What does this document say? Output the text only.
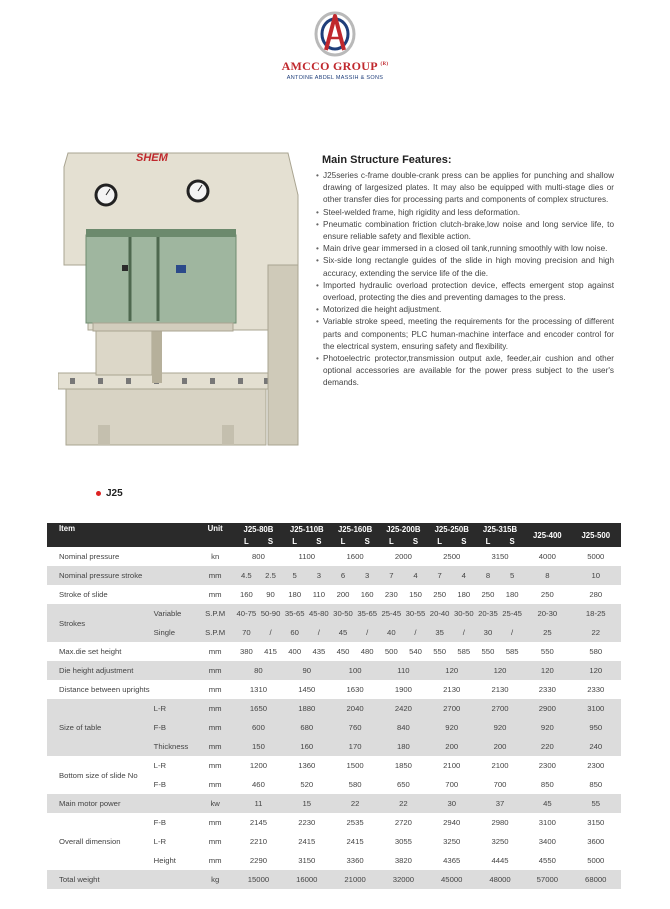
AMCCO GROUP $^{(R)}$
ANTOINE ABDEL MASSIH & SONS
SHEM
J25
Main Structure Features:
• J25series c-frame double-crank press can be applies for punching and shallow drawing of largesized plates. It may also be equipped with multi-stage dies or other transfer dies for processing parts and components of complex structures.
• Steel-welded frame, high rigidity and less deformation.
• Pneumatic combination friction clutch-brake,low noise and long service life, to ensure reliable safety and flexible action.
• Main drive gear immersed in a closed oil tank,running smoothly with low noise.
• Six-side long rectangle guides of the slide in high moving precision and high accuracy, extending the service life of the die.
• Imported hydraulic overload protection device, effects emergent stop against overload, protecting the dies and preventing damages to the press.
• Motorized die height adjustment.
• Variable stroke speed, meeting the requirements for the processing of different parts and components; PLC human-machine interface and encoder control for the electrical system, ensuring safety and flexibility.
• Photoelectric protector,transmission output axle, feeder,air cushion and other optional accessories are available for the power press subject to the user's demands.
Item		Unit	J25-80B		J25-110B		J25-160B		J25-200B		J25-250B		J25-315B		J25-400	J25-500
			L	S	L	S	L	S	L	S	L	S	L	S		
Nominal pressure		kn	800		1100		1600		2000		2500		3150		4000	5000
Nominal pressure stroke		mm	4.5	2.5	5	3	6	3	7	4	7	4	8	5	8	10
Stroke of slide		mm	160	90	180	110	200	160	230	150	250	180	250	180	250	280
Strokes	Variable	S.P.M	40-75	50-90	35-65	45-80	30-50	35-65	25-45	30-55	20-40	30-50	20-35	25-45	20-30	18-25
	Single	S.P.M	70	/	60	/	45	/	40	/	35	/	30	/	25	22
Max.die set height		mm	380	415	400	435	450	480	500	540	550	585	550	585	550	580
Die height adjustment		mm	80		90		100		110		120		120		120	120
Distance between uprights		mm	1310		1450		1630		1900		2130		2130		2330	2330
Size of table	L-R	mm	1650		1880		2040		2420		2700		2700		2900	3100
	F-B	mm	600		680		760		840		920		920		920	950
	Thickness	mm	150		160		170		180		200		200		220	240
Bottom size of slide No	L-R	mm	1200		1360		1500		1850		2100		2100		2300	2300
	F-B	mm	460		520		580		650		700		700		850	850
Main motor power		kw	11		15		22		22		30		37		45	55
Overall dimension	F-B	mm	2145		2230		2535		2720		2940		2980		3100	3150
	L-R	mm	2210		2415		2415		3055		3250		3250		3400	3600
	Height	mm	2290		3150		3360		3820		4365		4445		4550	5000
Total weight		kg	15000		16000		21000		32000		45000		48000		57000	68000
